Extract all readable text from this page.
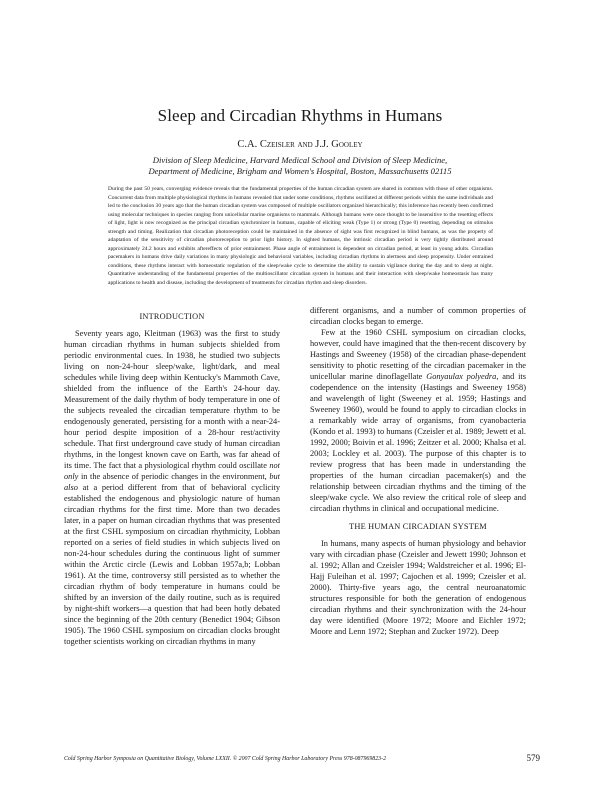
Sleep and Circadian Rhythms in Humans
C.A. Czeisler and J.J. Gooley
Division of Sleep Medicine, Harvard Medical School and Division of Sleep Medicine,
Department of Medicine, Brigham and Women's Hospital, Boston, Massachusetts 02115

During the past 50 years, converging evidence reveals that the fundamental properties of the human circadian system are shared in common with those of other organisms. Concurrent data from multiple physiological rhythms in humans revealed that under some conditions, rhythms oscillated at different periods within the same individuals and led to the conclusion 30 years ago that the human circadian system was composed of multiple oscillators organized hierarchically; this inference has recently been confirmed using molecular techniques in species ranging from unicellular marine organisms to mammals. Although humans were once thought to be insensitive to the resetting effects of light, light is now recognized as the principal circadian synchronizer in humans, capable of eliciting weak (Type 1) or strong (Type 0) resetting, depending on stimulus strength and timing. Realization that circadian photoreception could be maintained in the absence of sight was first recognized in blind humans, as was the property of adaptation of the sensitivity of circadian photoreception to prior light history. In sighted humans, the intrinsic circadian period is very tightly distributed around approximately 24.2 hours and exhibits aftereffects of prior entrainment. Phase angle of entrainment is dependent on circadian period, at least in young adults. Circadian pacemakers in humans drive daily variations in many physiologic and behavioral variables, including circadian rhythms in alertness and sleep propensity. Under entrained conditions, these rhythms interact with homeostatic regulation of the sleep/wake cycle to determine the ability to sustain vigilance during the day and to sleep at night. Quantitative understanding of the fundamental properties of the multioscillator circadian system in humans and their interaction with sleep/wake homeostasis has many applications to health and disease, including the development of treatments for circadian rhythm and sleep disorders.

INTRODUCTION

Seventy years ago, Kleitman (1963) was the first to study human circadian rhythms in human subjects shielded from periodic environmental cues. In 1938, he studied two subjects living on non-24-hour sleep/wake, light/dark, and meal schedules while living deep within Kentucky's Mammoth Cave, shielded from the influence of the Earth's 24-hour day. Measurement of the daily rhythm of body temperature in one of the subjects revealed the circadian temperature rhythm to be endogenously generated, persisting for a month with a near-24-hour period despite imposition of a 28-hour rest/activity schedule. That first underground cave study of human circadian rhythms, in the longest known cave on Earth, was far ahead of its time. The fact that a physiological rhythm could oscillate not only in the absence of periodic changes in the environment, but also at a period different from that of behavioral cyclicity established the endogenous and physiologic nature of human circadian rhythms for the first time. More than two decades later, in a paper on human circadian rhythms that was presented at the first CSHL symposium on circadian rhythmicity, Lobban reported on a series of field studies in which subjects lived on non-24-hour schedules during the continuous light of summer within the Arctic circle (Lewis and Lobban 1957a,b; Lobban 1961). At the time, controversy still persisted as to whether the circadian rhythm of body temperature in humans could be shifted by an inversion of the daily routine, such as is required by night-shift workers—a question that had been hotly debated since the beginning of the 20th century (Benedict 1904; Gibson 1905). The 1960 CSHL symposium on circadian clocks brought together scientists working on circadian rhythms in many

different organisms, and a number of common properties of circadian clocks began to emerge.

Few at the 1960 CSHL symposium on circadian clocks, however, could have imagined that the then-recent discovery by Hastings and Sweeney (1958) of the circadian phase-dependent sensitivity to photic resetting of the circadian pacemaker in the unicellular marine dinoflagellate Gonyaulax polyedra, and its codependence on the intensity (Hastings and Sweeney 1958) and wavelength of light (Sweeney et al. 1959; Hastings and Sweeney 1960), would be found to apply to circadian clocks in a remarkably wide array of organisms, from cyanobacteria (Kondo et al. 1993) to humans (Czeisler et al. 1989; Jewett et al. 1992, 2000; Boivin et al. 1996; Zeitzer et al. 2000; Khalsa et al. 2003; Lockley et al. 2003). The purpose of this chapter is to review progress that has been made in understanding the properties of the human circadian pacemaker(s) and the relationship between circadian rhythms and the timing of the sleep/wake cycle. We also review the critical role of sleep and circadian rhythms in clinical and occupational medicine.

THE HUMAN CIRCADIAN SYSTEM

In humans, many aspects of human physiology and behavior vary with circadian phase (Czeisler and Jewett 1990; Johnson et al. 1992; Allan and Czeisler 1994; Waldstreicher et al. 1996; El-Hajj Fuleihan et al. 1997; Cajochen et al. 1999; Czeisler et al. 2000). Thirty-five years ago, the central neuroanatomic structures responsible for both the generation of endogenous circadian rhythms and their synchronization with the 24-hour day were identified (Moore 1972; Moore and Eichler 1972; Moore and Lenn 1972; Stephan and Zucker 1972). Deep

Cold Spring Harbor Symposia on Quantitative Biology, Volume LXXII. © 2007 Cold Spring Harbor Laboratory Press 978-087969823-2	579
